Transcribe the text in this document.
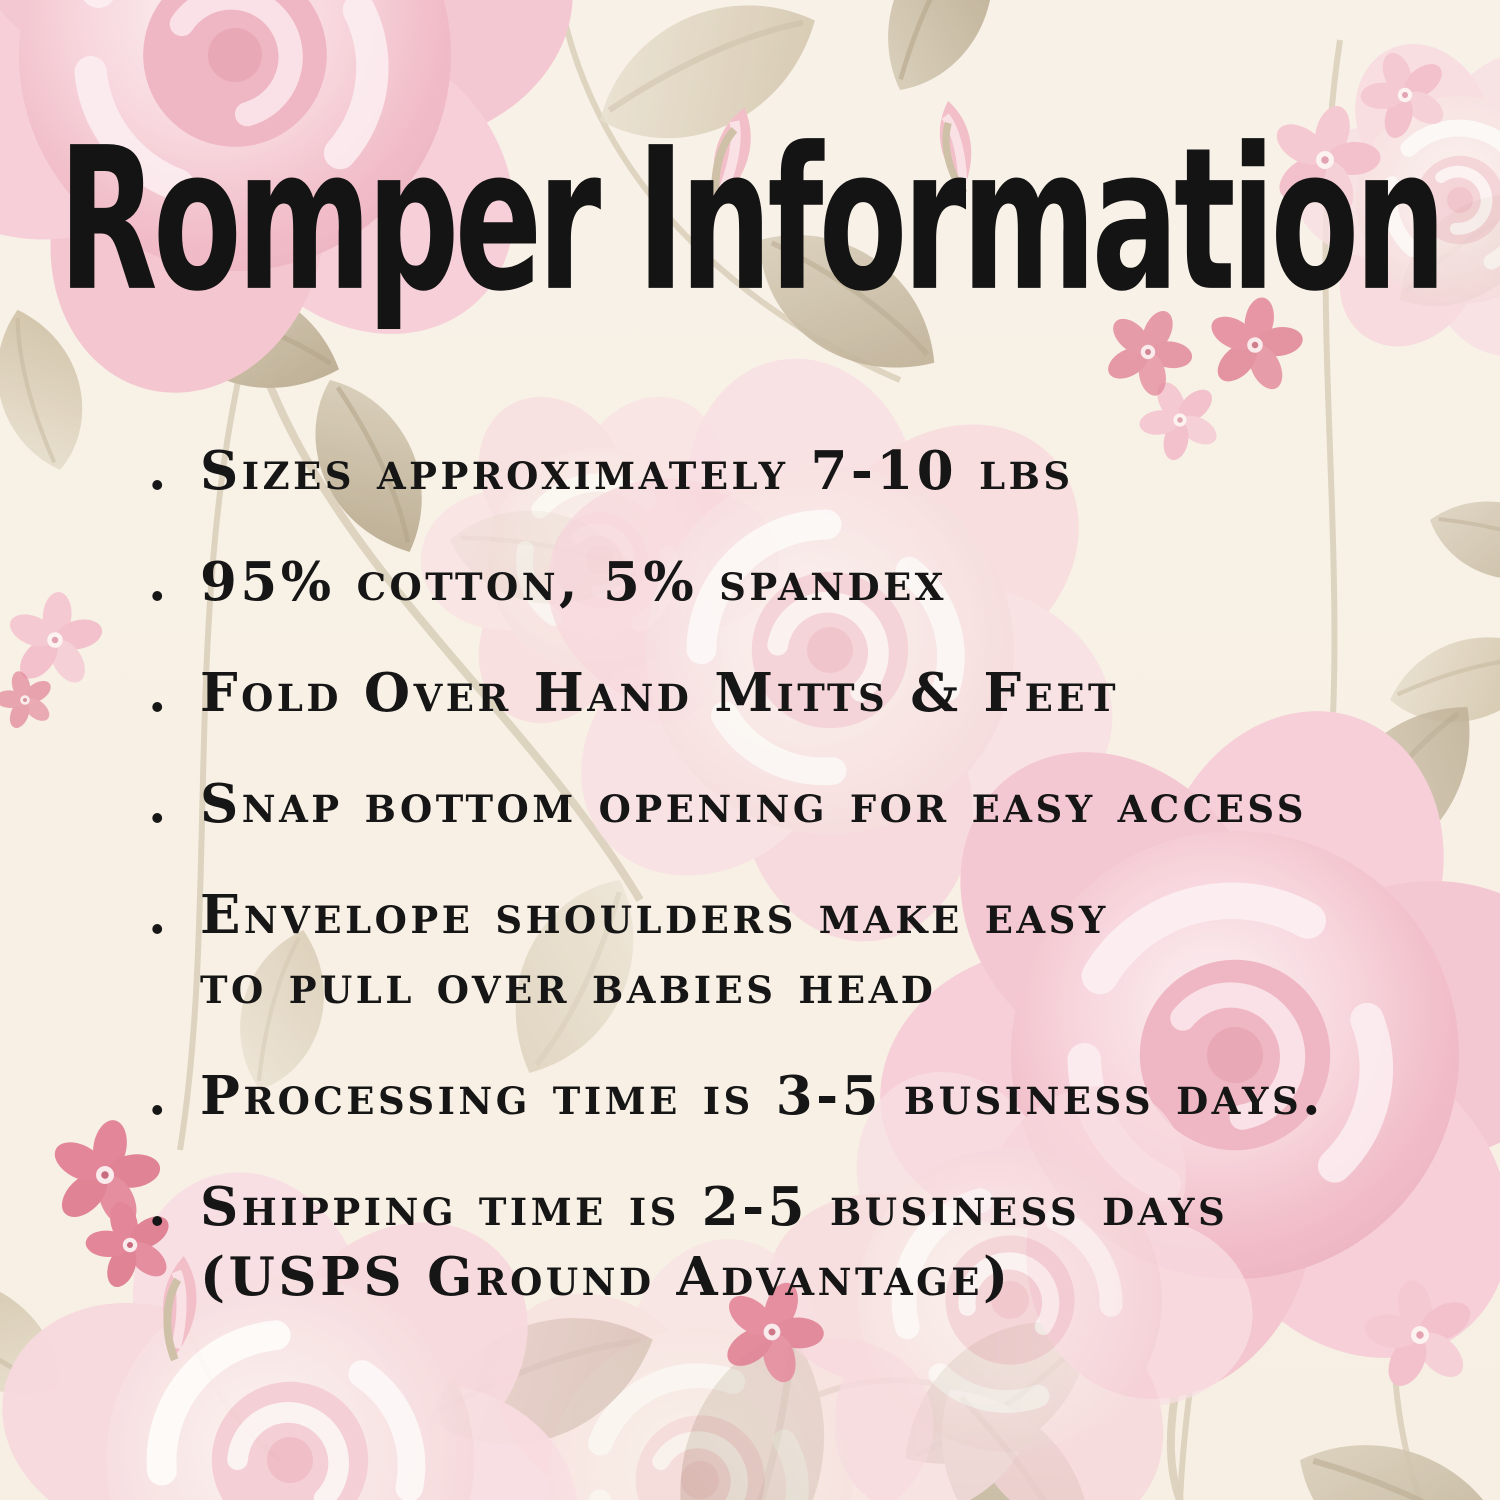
Romper Information
. Sizes approximately 7-10 lbs
. 95% cotton, 5% spandex
. Fold Over Hand Mitts & Feet
. Snap bottom opening for easy access
. Envelope shoulders make easy
to pull over babies head
. Processing time is 3-5 business days.
. Shipping time is 2-5 business days
(USPS Ground Advantage)
